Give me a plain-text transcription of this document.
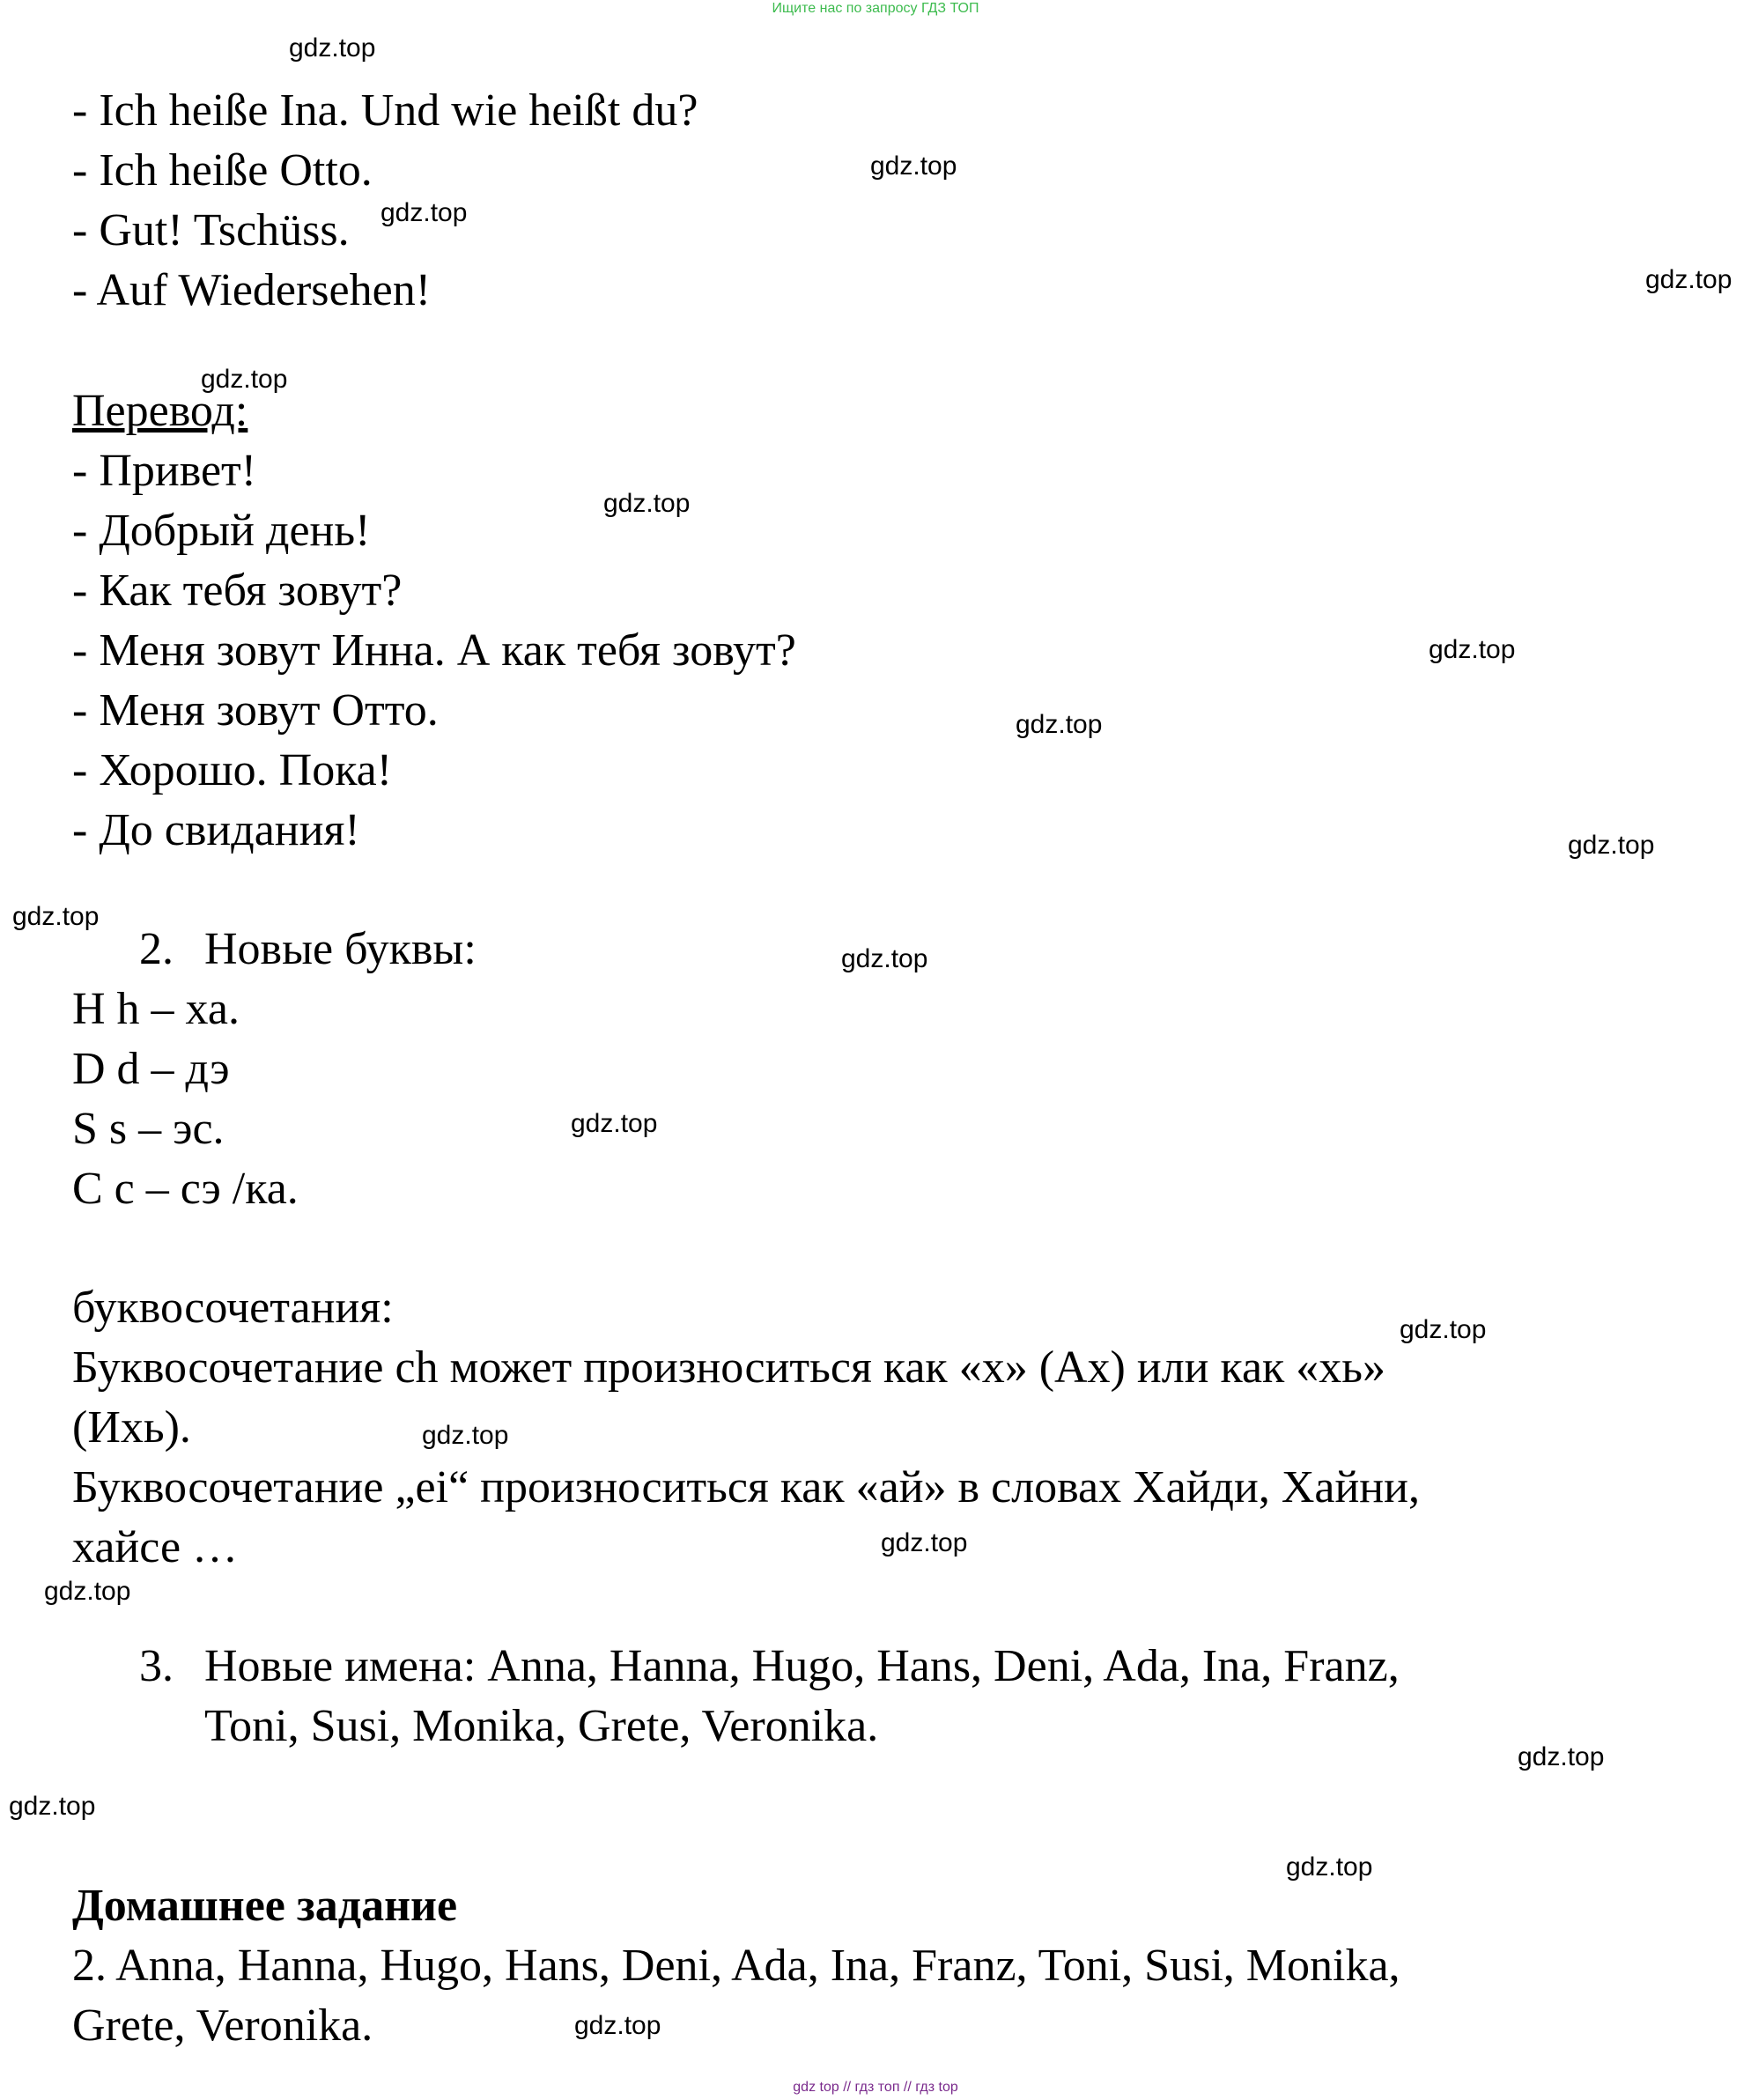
Ищите нас по запросу ГДЗ ТОП
- Ich heiße Ina. Und wie heißt du?
- Ich heiße Otto.
- Gut! Tschüss.
- Auf Wiedersehen!
Перевод:
- Привет!
- Добрый день!
- Как тебя зовут?
- Меня зовут Инна. А как тебя зовут?
- Меня зовут Отто.
- Хорошо. Пока!
- До свидания!
2. Новые буквы:
H h – ха.
D d – дэ
S s – эс.
C c – сэ /ка.
буквосочетания:
Буквосочетание ch может произноситься как «х» (Ах) или как «хь»
(Ихь).
Буквосочетание „ei“ произноситься как «ай» в словах Хайди, Хайни,
хайсе …
3. Новые имена: Anna, Hanna, Hugo, Hans, Deni, Ada, Ina, Franz,
Toni, Susi, Monika, Grete, Veronika.
Домашнее задание
2. Anna, Hanna, Hugo, Hans, Deni, Ada, Ina, Franz, Toni, Susi, Monika,
Grete, Veronika.
gdz.top
gdz.top
gdz.top
gdz.top
gdz.top
gdz.top
gdz.top
gdz.top
gdz.top
gdz.top
gdz.top
gdz.top
gdz.top
gdz.top
gdz.top
gdz.top
gdz.top
gdz.top
gdz.top
gdz.top
gdz top // гдз топ // гдз top
